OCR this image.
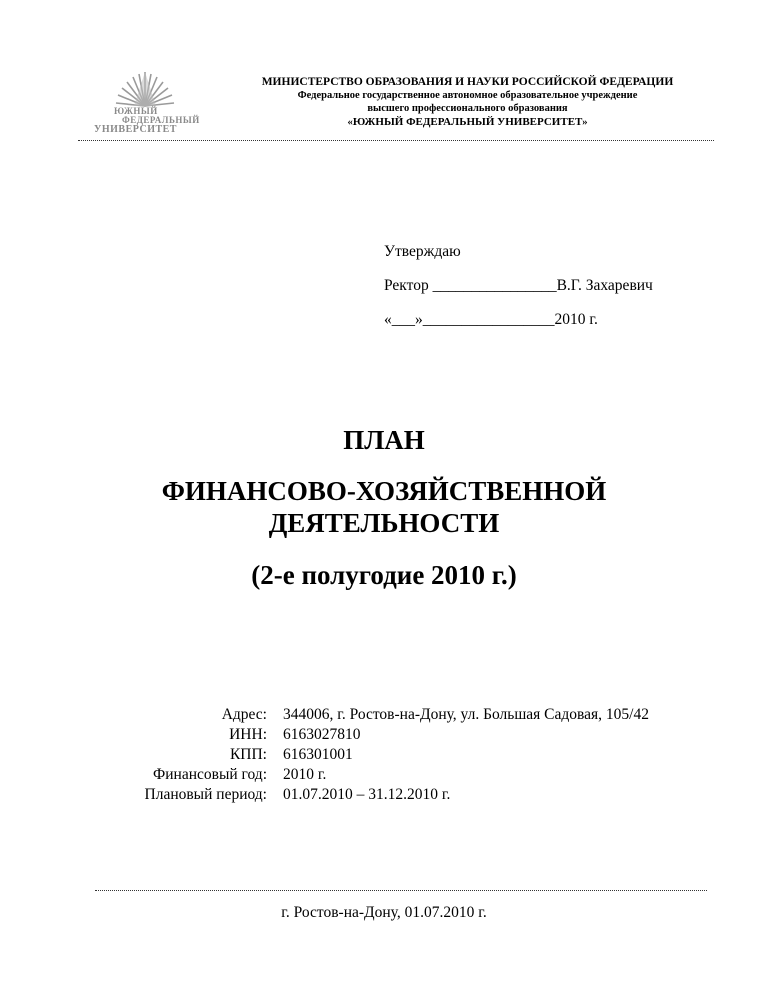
ЮЖНЫЙ
ФЕДЕРАЛЬНЫЙ
УНИВЕРСИТЕТ
МИНИСТЕРСТВО ОБРАЗОВАНИЯ И НАУКИ РОССИЙСКОЙ ФЕДЕРАЦИИ
Федеральное государственное автономное образовательное учреждение
высшего профессионального образования
«ЮЖНЫЙ ФЕДЕРАЛЬНЫЙ УНИВЕРСИТЕТ»
Утверждаю
Ректор ________________В.Г. Захаревич
«___»_________________2010 г.
ПЛАН
ФИНАНСОВО-ХОЗЯЙСТВЕННОЙ
ДЕЯТЕЛЬНОСТИ
(2-е полугодие 2010 г.)
Адрес: 344006, г. Ростов-на-Дону, ул. Большая Садовая, 105/42
ИНН: 6163027810
КПП: 616301001
Финансовый год: 2010 г.
Плановый период: 01.07.2010 – 31.12.2010 г.
г. Ростов-на-Дону, 01.07.2010 г.
